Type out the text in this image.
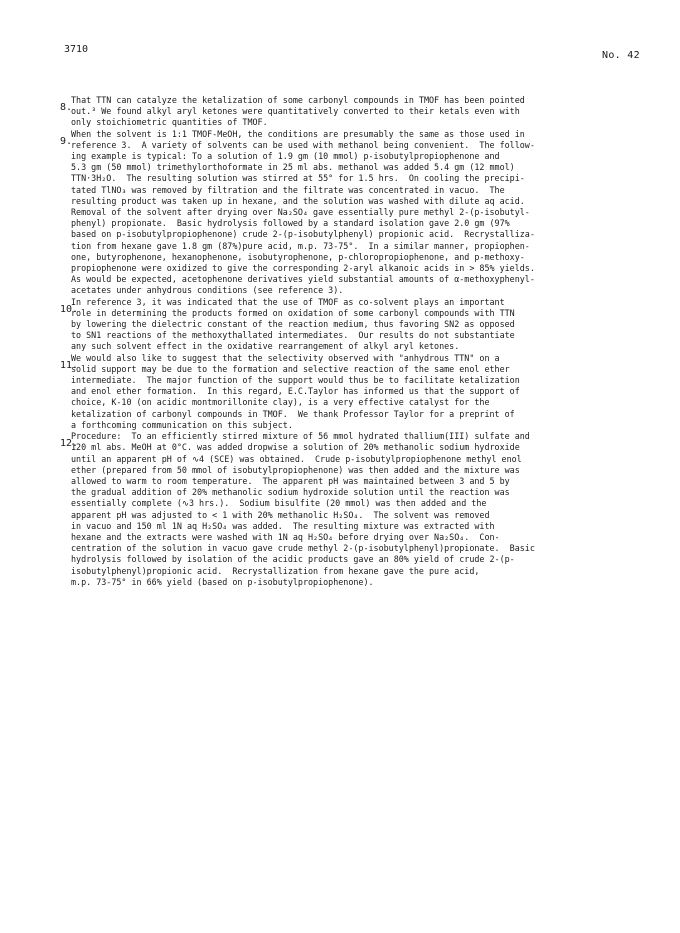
3710
No. 42
8.
That TTN can catalyze the ketalization of some carbonyl compounds in TMOF has been pointed
out.³ We found alkyl aryl ketones were quantitatively converted to their ketals even with
only stoichiometric quantities of TMOF.
9.
When the solvent is 1:1 TMOF-MeOH, the conditions are presumably the same as those used in
reference 3.  A variety of solvents can be used with methanol being convenient.  The follow-
ing example is typical: To a solution of 1.9 gm (10 mmol) p-isobutylpropiophenone and
5.3 gm (50 mmol) trimethylorthoformate in 25 ml abs. methanol was added 5.4 gm (12 mmol)
TTN·3H₂O.  The resulting solution was stirred at 55° for 1.5 hrs.  On cooling the precipi-
tated TlNO₃ was removed by filtration and the filtrate was concentrated in vacuo.  The
resulting product was taken up in hexane, and the solution was washed with dilute aq acid.
Removal of the solvent after drying over Na₂SO₄ gave essentially pure methyl 2-(p-isobutyl-
phenyl) propionate.  Basic hydrolysis followed by a standard isolation gave 2.0 gm (97%
based on p-isobutylpropiophenone) crude 2-(p-isobutylphenyl) propionic acid.  Recrystalliza-
tion from hexane gave 1.8 gm (87%)pure acid, m.p. 73-75°.  In a similar manner, propiophen-
one, butyrophenone, hexanophenone, isobutyrophenone, p-chloropropiophenone, and p-methoxy-
propiophenone were oxidized to give the corresponding 2-aryl alkanoic acids in > 85% yields.
As would be expected, acetophenone derivatives yield substantial amounts of α-methoxyphenyl-
acetates under anhydrous conditions (see reference 3).
10.
In reference 3, it was indicated that the use of TMOF as co-solvent plays an important
role in determining the products formed on oxidation of some carbonyl compounds with TTN
by lowering the dielectric constant of the reaction medium, thus favoring SN2 as opposed
to SN1 reactions of the methoxythallated intermediates.  Our results do not substantiate
any such solvent effect in the oxidative rearrangement of alkyl aryl ketones.
11.
We would also like to suggest that the selectivity observed with "anhydrous TTN" on a
solid support may be due to the formation and selective reaction of the same enol ether
intermediate.  The major function of the support would thus be to facilitate ketalization
and enol ether formation.  In this regard, E.C.Taylor has informed us that the support of
choice, K-10 (on acidic montmorillonite clay), is a very effective catalyst for the
ketalization of carbonyl compounds in TMOF.  We thank Professor Taylor for a preprint of
a forthcoming communication on this subject.
12.
Procedure:  To an efficiently stirred mixture of 56 mmol hydrated thallium(III) sulfate and
120 ml abs. MeOH at 0°C. was added dropwise a solution of 20% methanolic sodium hydroxide
until an apparent pH of ∿4 (SCE) was obtained.  Crude p-isobutylpropiophenone methyl enol
ether (prepared from 50 mmol of isobutylpropiophenone) was then added and the mixture was
allowed to warm to room temperature.  The apparent pH was maintained between 3 and 5 by
the gradual addition of 20% methanolic sodium hydroxide solution until the reaction was
essentially complete (∿3 hrs.).  Sodium bisulfite (20 mmol) was then added and the
apparent pH was adjusted to < 1 with 20% methanolic H₂SO₄.  The solvent was removed
in vacuo and 150 ml 1N aq H₂SO₄ was added.  The resulting mixture was extracted with
hexane and the extracts were washed with 1N aq H₂SO₄ before drying over Na₂SO₄.  Con-
centration of the solution in vacuo gave crude methyl 2-(p-isobutylphenyl)propionate.  Basic
hydrolysis followed by isolation of the acidic products gave an 80% yield of crude 2-(p-
isobutylphenyl)propionic acid.  Recrystallization from hexane gave the pure acid,
m.p. 73-75° in 66% yield (based on p-isobutylpropiophenone).
